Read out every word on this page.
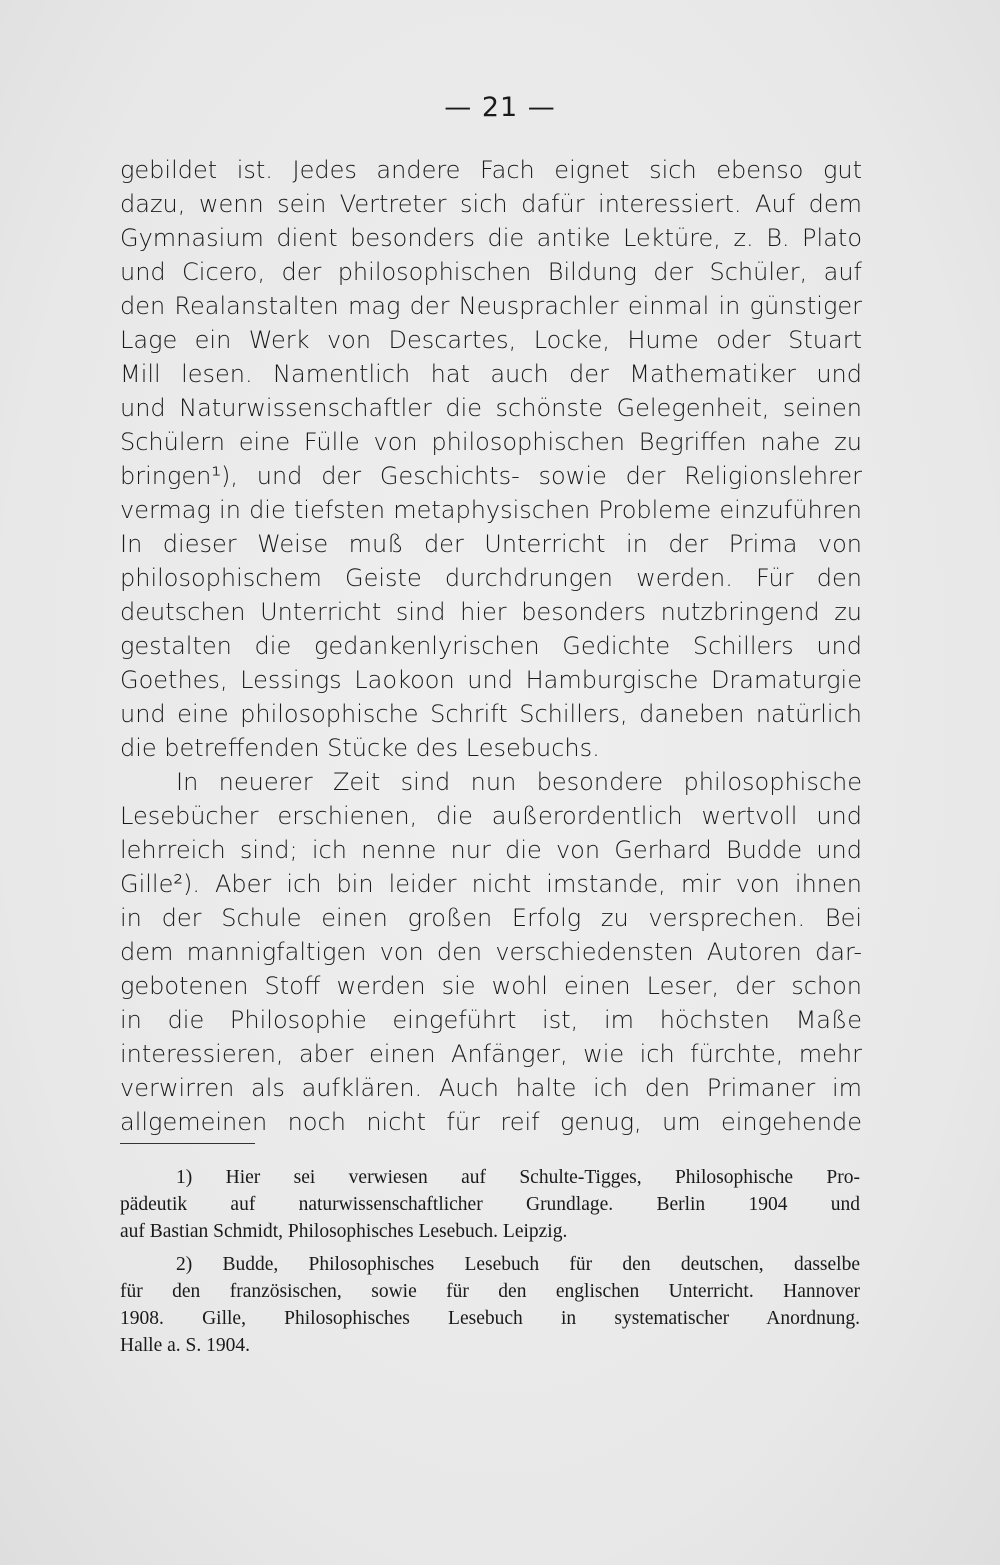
— 21 —
gebildet ist. Jedes andere Fach eignet sich ebenso gut
dazu, wenn sein Vertreter sich dafür interessiert. Auf dem
Gymnasium dient besonders die antike Lektüre, z. B. Plato
und Cicero, der philosophischen Bildung der Schüler, auf
den Realanstalten mag der Neusprachler einmal in günstiger
Lage ein Werk von Descartes, Locke, Hume oder Stuart
Mill lesen. Namentlich hat auch der Mathematiker und
und Naturwissenschaftler die schönste Gelegenheit, seinen
Schülern eine Fülle von philosophischen Begriffen nahe zu
bringen¹), und der Geschichts- sowie der Religionslehrer
vermag in die tiefsten metaphysischen Probleme einzuführen
In dieser Weise muß der Unterricht in der Prima von
philosophischem Geiste durchdrungen werden. Für den
deutschen Unterricht sind hier besonders nutzbringend zu
gestalten die gedankenlyrischen Gedichte Schillers und
Goethes, Lessings Laokoon und Hamburgische Dramaturgie
und eine philosophische Schrift Schillers, daneben natürlich
die betreffenden Stücke des Lesebuchs.
In neuerer Zeit sind nun besondere philosophische
Lesebücher erschienen, die außerordentlich wertvoll und
lehrreich sind; ich nenne nur die von Gerhard Budde und
Gille²). Aber ich bin leider nicht imstande, mir von ihnen
in der Schule einen großen Erfolg zu versprechen. Bei
dem mannigfaltigen von den verschiedensten Autoren dar-
gebotenen Stoff werden sie wohl einen Leser, der schon
in die Philosophie eingeführt ist, im höchsten Maße
interessieren, aber einen Anfänger, wie ich fürchte, mehr
verwirren als aufklären. Auch halte ich den Primaner im
allgemeinen noch nicht für reif genug, um eingehende
1) Hier sei verwiesen auf Schulte-Tigges, Philosophische Pro-
pädeutik auf naturwissenschaftlicher Grundlage. Berlin 1904 und
auf Bastian Schmidt, Philosophisches Lesebuch. Leipzig.
2) Budde, Philosophisches Lesebuch für den deutschen, dasselbe
für den französischen, sowie für den englischen Unterricht. Hannover
1908. Gille, Philosophisches Lesebuch in systematischer Anordnung.
Halle a. S. 1904.
